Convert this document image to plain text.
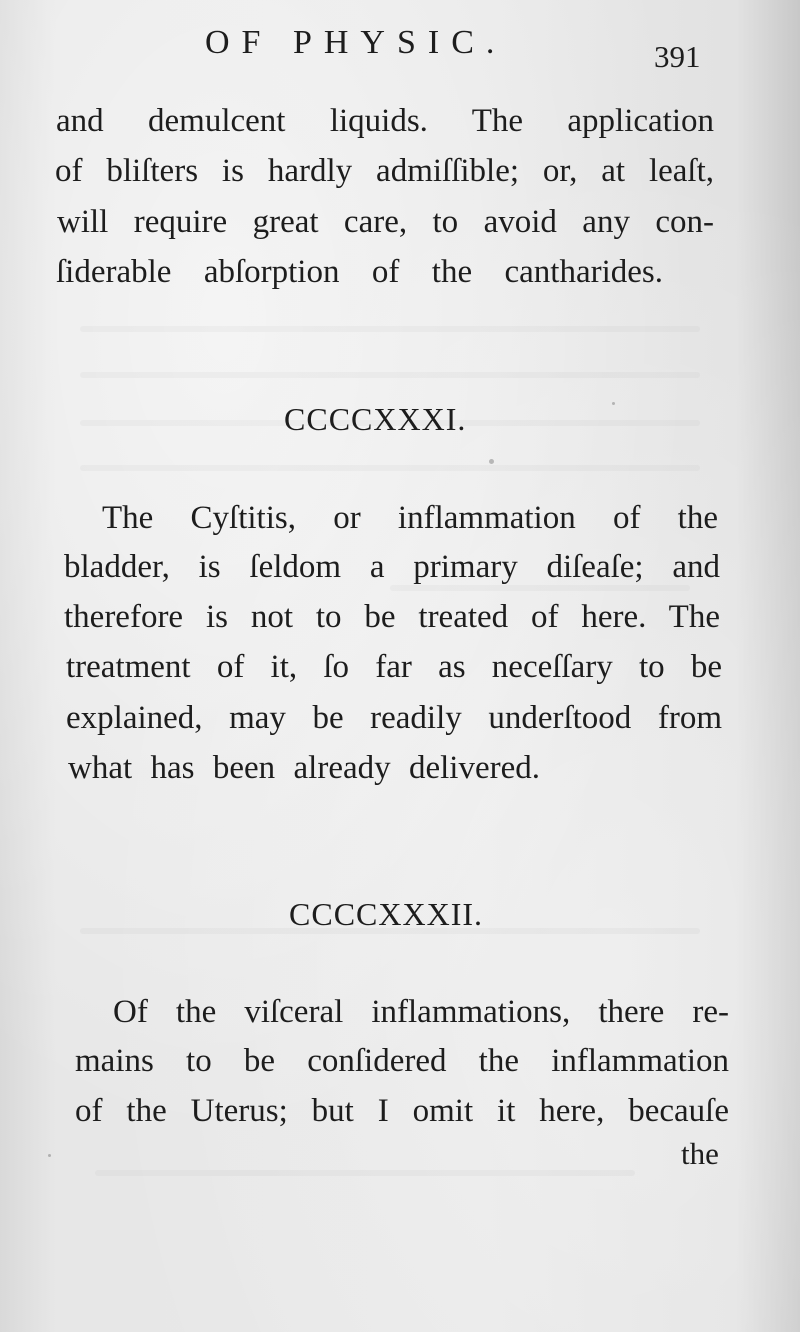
OF PHYSIC.	391
and demulcent liquids. The application
of bliſters is hardly admiſſible; or, at leaſt,
will require great care, to avoid any con-
ſiderable abſorption of the cantharides.
CCCCXXXI.
The Cyſtitis, or inflammation of the
bladder, is ſeldom a primary diſeaſe; and
therefore is not to be treated of here. The
treatment of it, ſo far as neceſſary to be
explained, may be readily underſtood from
what has been already delivered.
CCCCXXXII.
Of the viſceral inflammations, there re-
mains to be conſidered the inflammation
of the Uterus; but I omit it here, becauſe
the
